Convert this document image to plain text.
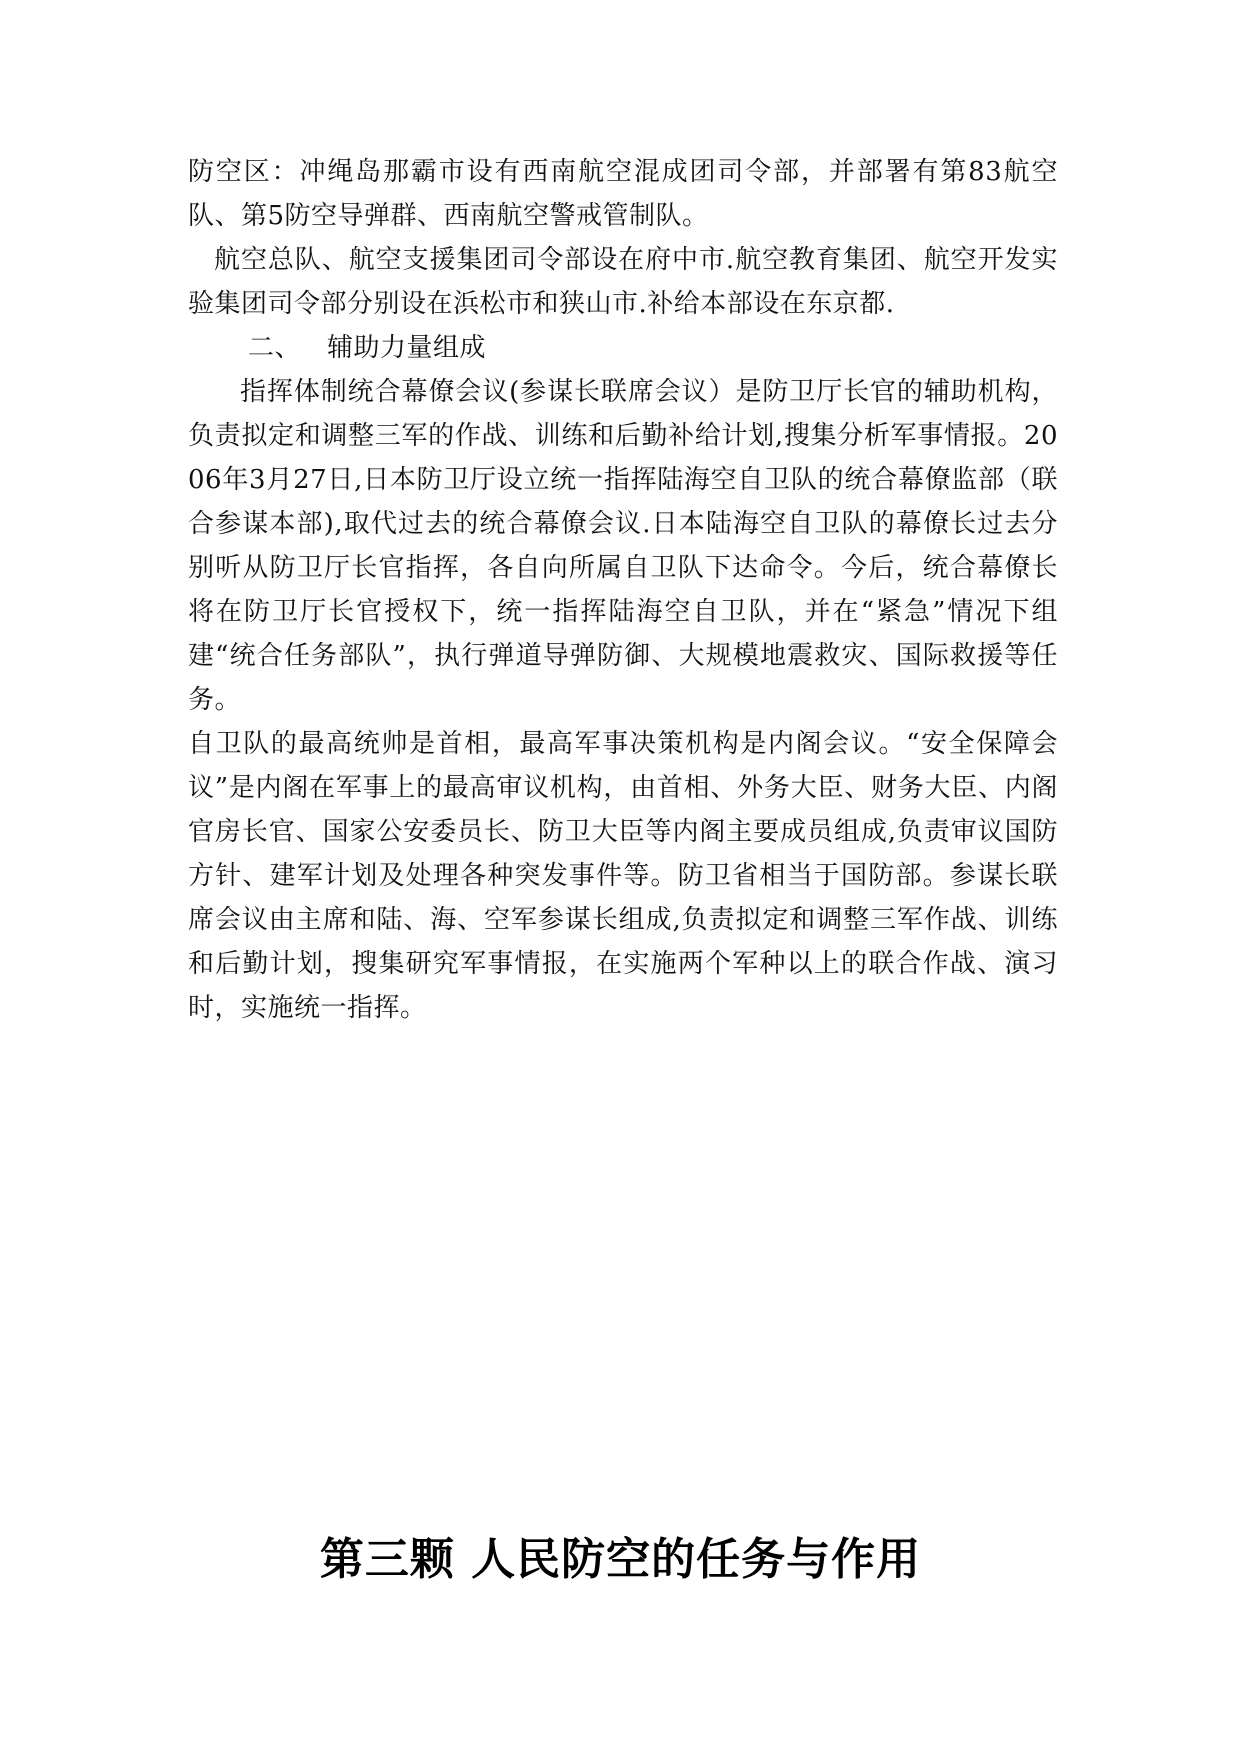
防空区：冲绳岛那霸市设有西南航空混成团司令部，并部署有第83航空队、第5防空导弹群、西南航空警戒管制队。

航空总队、航空支援集团司令部设在府中市.航空教育集团、航空开发实验集团司令部分别设在浜松市和狭山市.补给本部设在东京都.

二、 辅助力量组成

指挥体制统合幕僚会议(参谋长联席会议）是防卫厅长官的辅助机构，负责拟定和调整三军的作战、训练和后勤补给计划,搜集分析军事情报。2006年3月27日,日本防卫厅设立统一指挥陆海空自卫队的统合幕僚监部（联合参谋本部),取代过去的统合幕僚会议.日本陆海空自卫队的幕僚长过去分别听从防卫厅长官指挥，各自向所属自卫队下达命令。今后，统合幕僚长将在防卫厅长官授权下，统一指挥陆海空自卫队，并在“紧急”情况下组建“统合任务部队”，执行弹道导弹防御、大规模地震救灾、国际救援等任务。

自卫队的最高统帅是首相，最高军事决策机构是内阁会议。“安全保障会议”是内阁在军事上的最高审议机构，由首相、外务大臣、财务大臣、内阁官房长官、国家公安委员长、防卫大臣等内阁主要成员组成,负责审议国防方针、建军计划及处理各种突发事件等。防卫省相当于国防部。参谋长联席会议由主席和陆、海、空军参谋长组成,负责拟定和调整三军作战、训练和后勤计划，搜集研究军事情报，在实施两个军种以上的联合作战、演习时，实施统一指挥。

第三颗 人民防空的任务与作用
